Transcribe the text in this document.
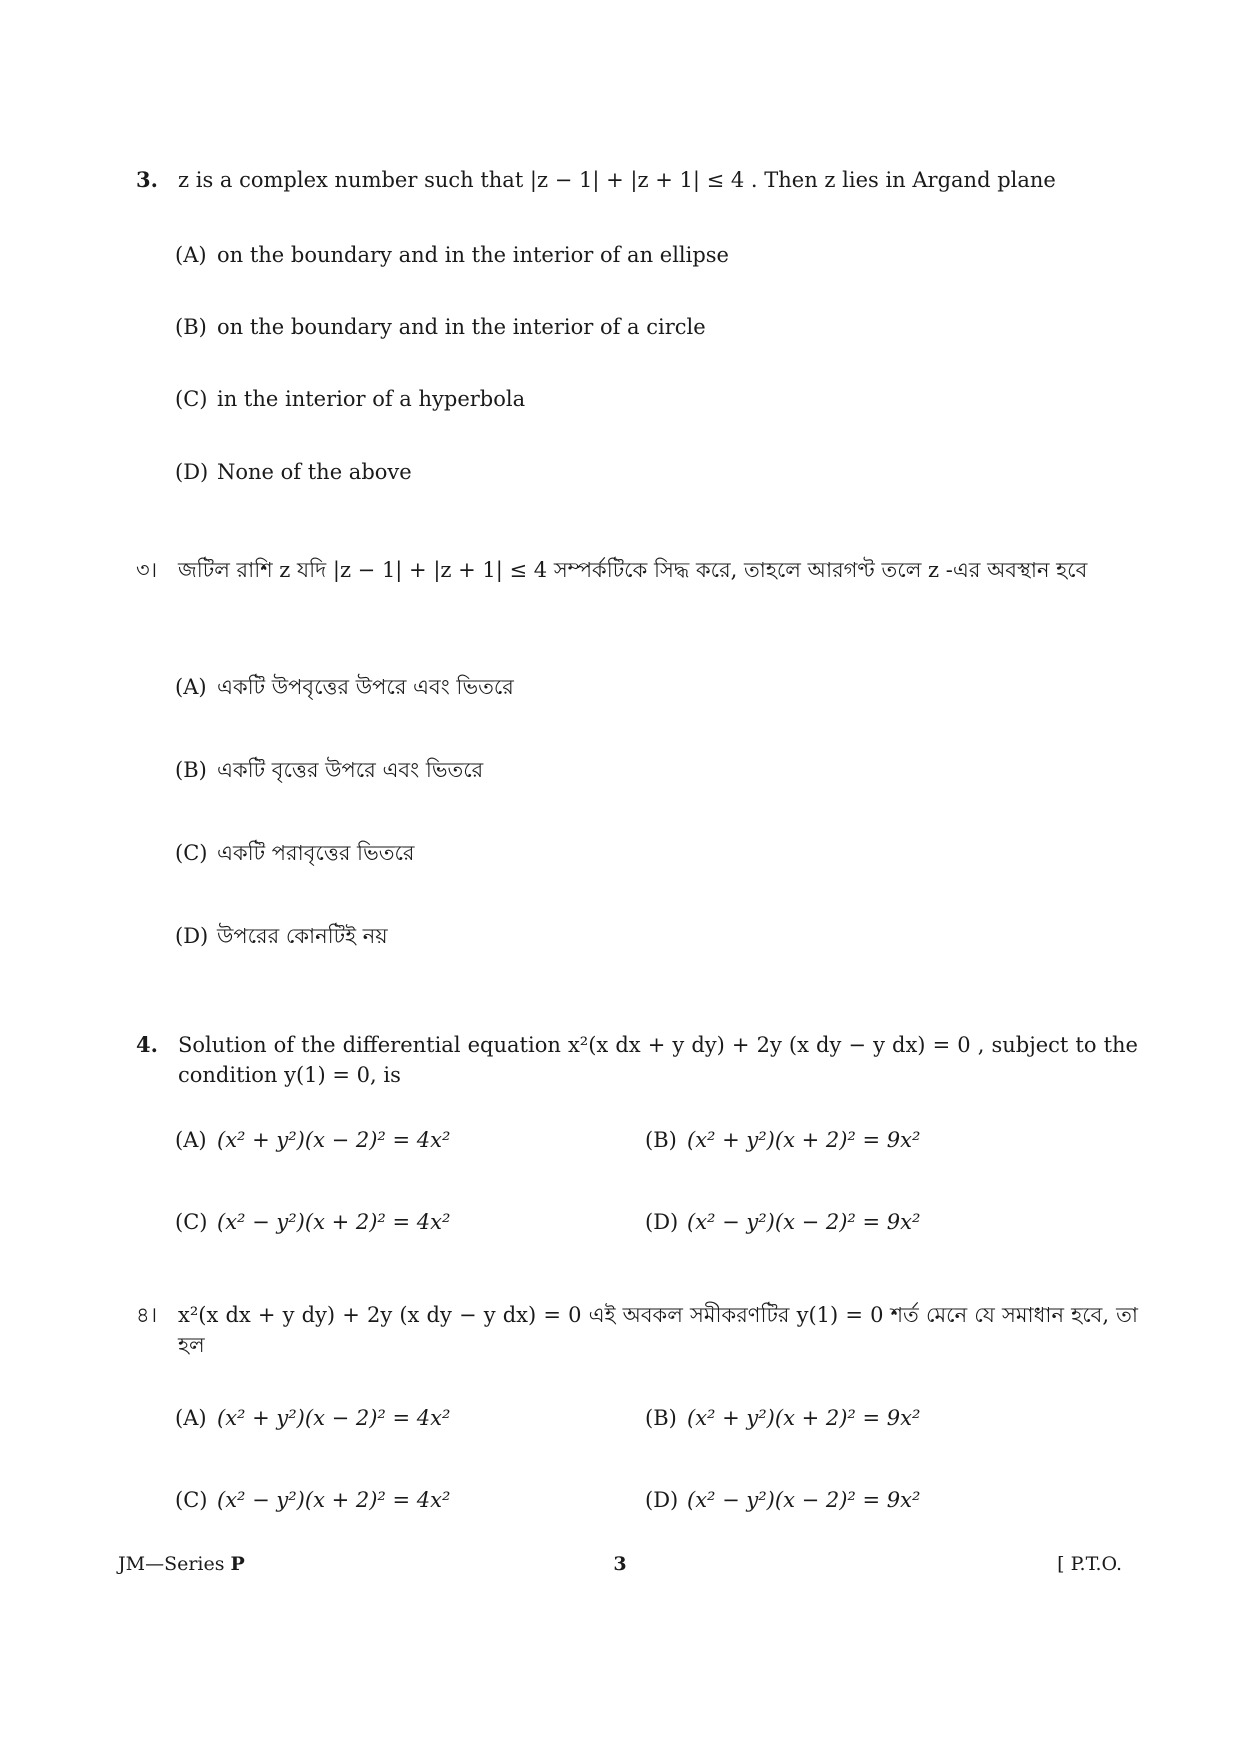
3. z is a complex number such that |z − 1| + |z + 1| ≤ 4 . Then z lies in Argand plane
(A) on the boundary and in the interior of an ellipse
(B) on the boundary and in the interior of a circle
(C) in the interior of a hyperbola
(D) None of the above
৩। জটিল রাশি z যদি |z − 1| + |z + 1| ≤ 4 সম্পর্কটিকে সিদ্ধ করে, তাহলে আরগণ্ট তলে z -এর অবস্থান হবে
(A) একটি উপবৃত্তের উপরে এবং ভিতরে
(B) একটি বৃত্তের উপরে এবং ভিতরে
(C) একটি পরাবৃত্তের ভিতরে
(D) উপরের কোনটিই নয়
4. Solution of the differential equation x²(x dx + y dy) + 2y (x dy − y dx) = 0 , subject to the condition y(1) = 0, is
(A) (x² + y²)(x − 2)² = 4x²	(B) (x² + y²)(x + 2)² = 9x²
(C) (x² − y²)(x + 2)² = 4x²	(D) (x² − y²)(x − 2)² = 9x²
৪। x²(x dx + y dy) + 2y (x dy − y dx) = 0 এই অবকল সমীকরণটির y(1) = 0 শর্ত মেনে যে সমাধান হবে, তা হল
(A) (x² + y²)(x − 2)² = 4x²	(B) (x² + y²)(x + 2)² = 9x²
(C) (x² − y²)(x + 2)² = 4x²	(D) (x² − y²)(x − 2)² = 9x²
JM—Series P	3	[ P.T.O.
